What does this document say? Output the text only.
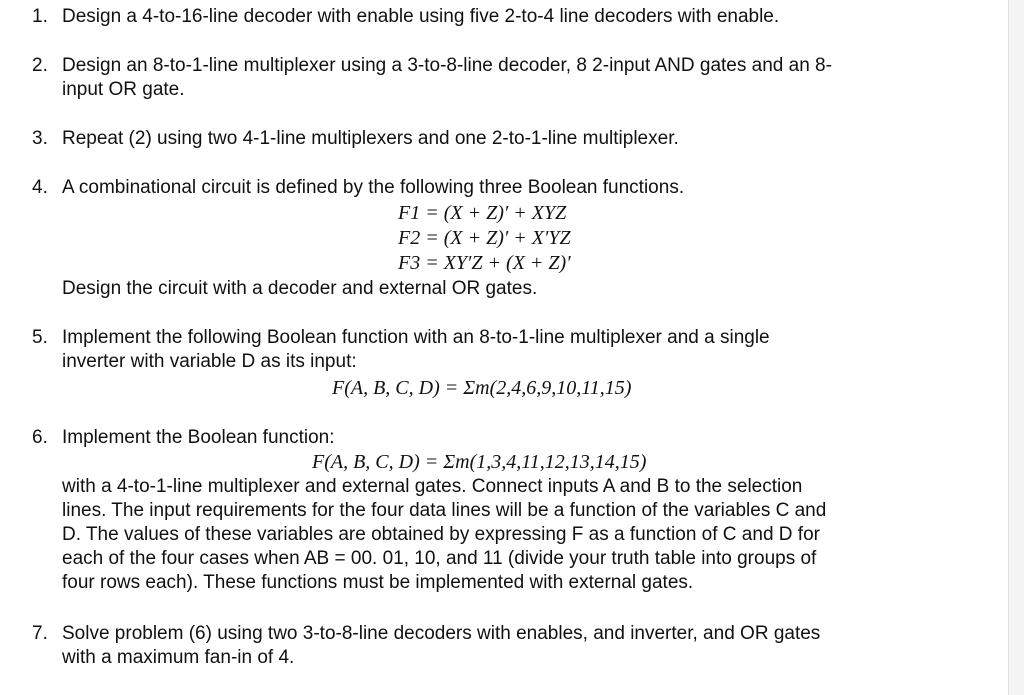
1. Design a 4-to-16-line decoder with enable using five 2-to-4 line decoders with enable.
2. Design an 8-to-1-line multiplexer using a 3-to-8-line decoder, 8 2-input AND gates and an 8-
input OR gate.
3. Repeat (2) using two 4-1-line multiplexers and one 2-to-1-line multiplexer.
4. A combinational circuit is defined by the following three Boolean functions.
F1 = (X + Z)′ + XYZ
F2 = (X + Z)′ + X′YZ
F3 = XY′Z + (X + Z)′
Design the circuit with a decoder and external OR gates.
5. Implement the following Boolean function with an 8-to-1-line multiplexer and a single
inverter with variable D as its input:
F(A, B, C, D) = Σm(2,4,6,9,10,11,15)
6. Implement the Boolean function:
F(A, B, C, D) = Σm(1,3,4,11,12,13,14,15)
with a 4-to-1-line multiplexer and external gates. Connect inputs A and B to the selection
lines. The input requirements for the four data lines will be a function of the variables C and
D. The values of these variables are obtained by expressing F as a function of C and D for
each of the four cases when AB = 00. 01, 10, and 11 (divide your truth table into groups of
four rows each). These functions must be implemented with external gates.
7. Solve problem (6) using two 3-to-8-line decoders with enables, and inverter, and OR gates
with a maximum fan-in of 4.
